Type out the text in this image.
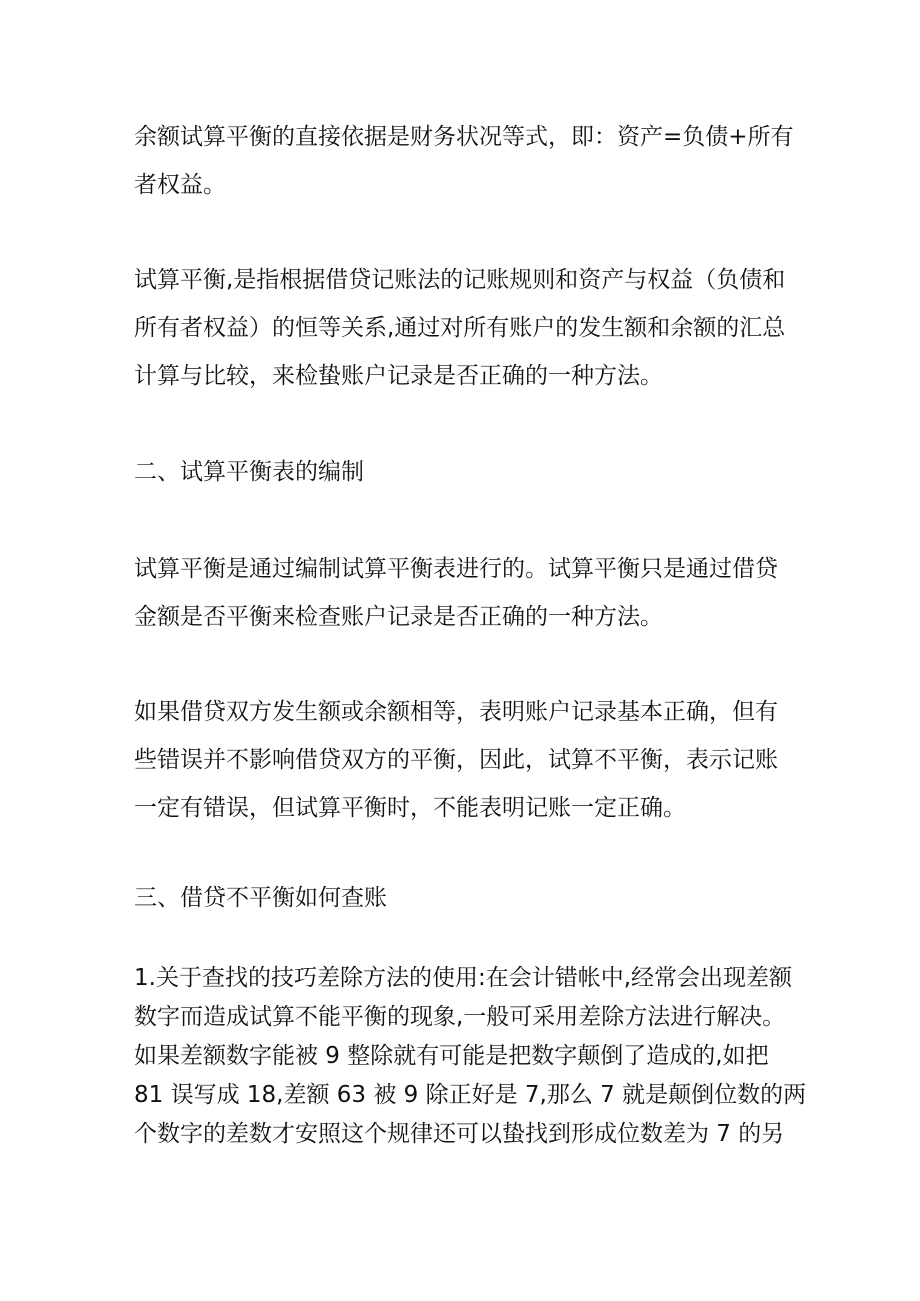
余额试算平衡的直接依据是财务状况等式，即：资产=负债+所有
者权益。
试算平衡,是指根据借贷记账法的记账规则和资产与权益（负债和
所有者权益）的恒等关系,通过对所有账户的发生额和余额的汇总
计算与比较，来检蛰账户记录是否正确的一种方法。
二、试算平衡表的编制
试算平衡是通过编制试算平衡表进行的。试算平衡只是通过借贷
金额是否平衡来检查账户记录是否正确的一种方法。
如果借贷双方发生额或余额相等，表明账户记录基本正确，但有
些错误并不影响借贷双方的平衡，因此，试算不平衡，表示记账
一定有错误，但试算平衡时，不能表明记账一定正确。
三、借贷不平衡如何查账
1.关于查找的技巧差除方法的使用:在会计错帐中,经常会出现差额
数字而造成试算不能平衡的现象,一般可采用差除方法进行解决。
如果差额数字能被 9 整除就有可能是把数字颠倒了造成的,如把
81 误写成 18,差额 63 被 9 除正好是 7,那么 7 就是颠倒位数的两
个数字的差数才安照这个规律还可以蛰找到形成位数差为 7 的另
